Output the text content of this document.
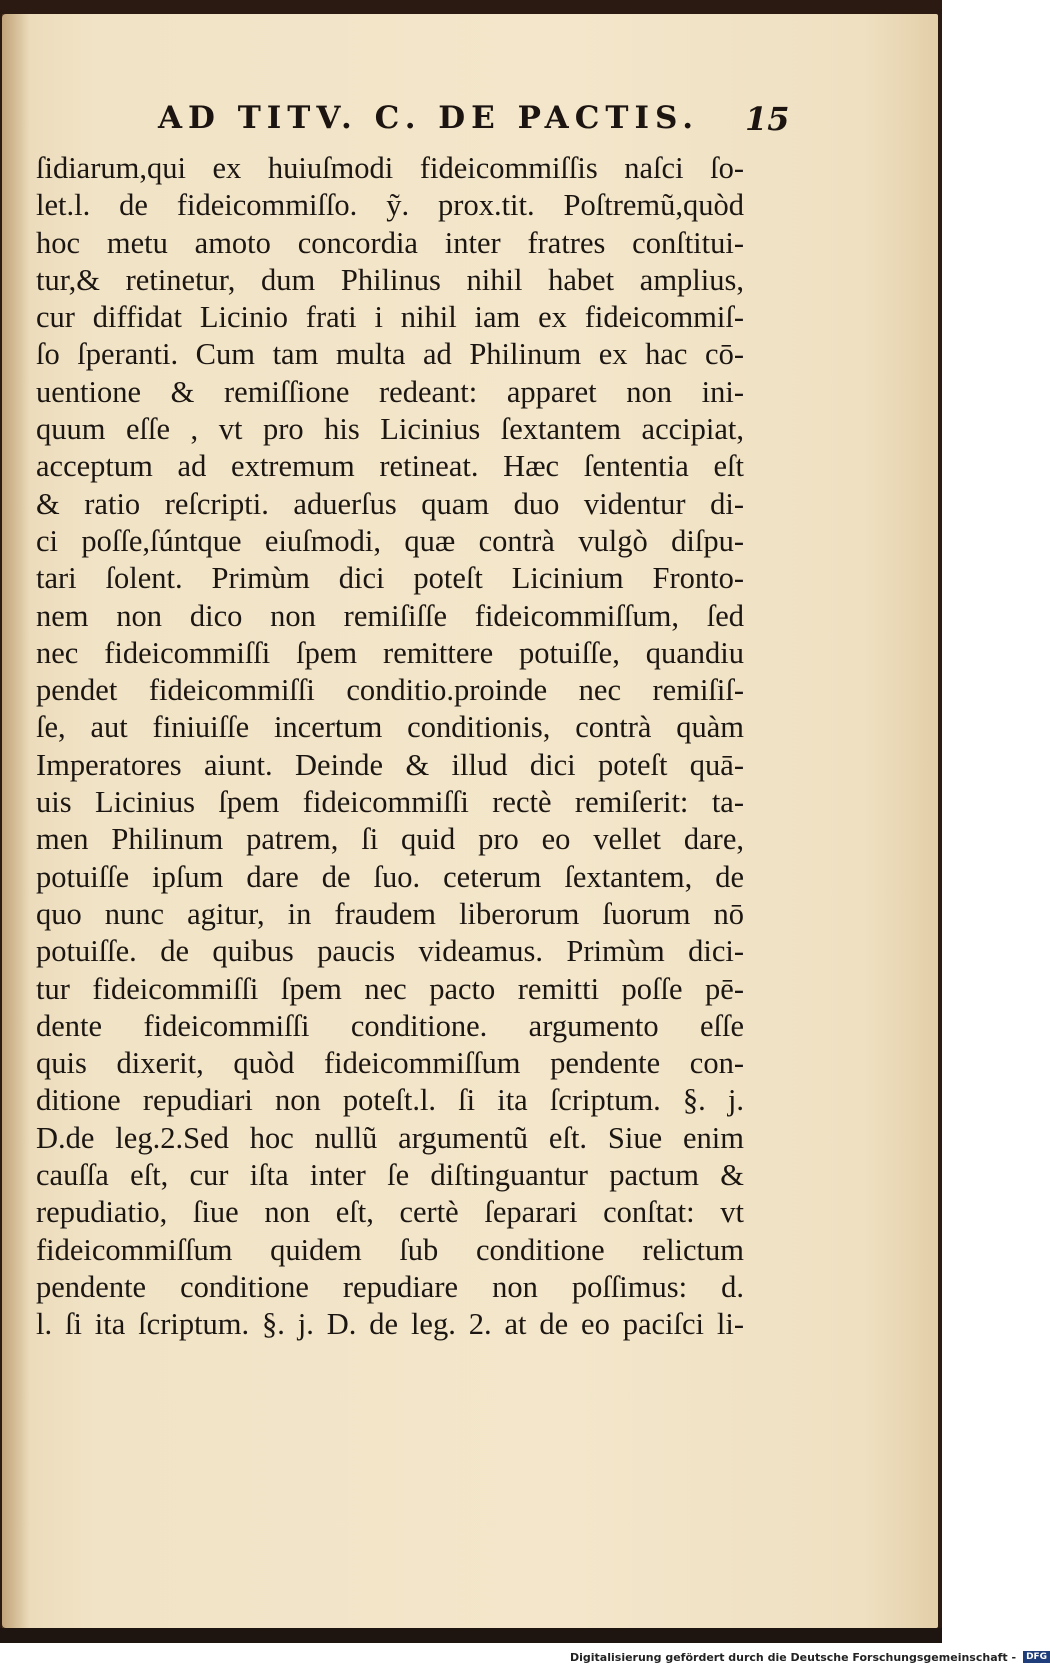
AD TITV. C. DE PACTIS. 15
ſidiarum,qui ex huiuſmodi fideicommiſſis naſci ſo-
let.l. de fideicommiſſo. ỹ. prox.tit. Poſtremũ,quòd
hoc metu amoto concordia inter fratres conſtitui-
tur,& retinetur, dum Philinus nihil habet amplius,
cur diffidat Licinio frati i nihil iam ex fideicommiſ-
ſo ſperanti. Cum tam multa ad Philinum ex hac cō-
uentione & remiſſione redeant: apparet non ini-
quum eſſe , vt pro his Licinius ſextantem accipiat,
acceptum ad extremum retineat. Hæc ſententia eſt
& ratio reſcripti. aduerſus quam duo videntur di-
ci poſſe,ſúntque eiuſmodi, quæ contrà vulgò diſpu-
tari ſolent. Primùm dici poteſt Licinium Fronto-
nem non dico non remiſiſſe fideicommiſſum, ſed
nec fideicommiſſi ſpem remittere potuiſſe, quandiu
pendet fideicommiſſi conditio.proinde nec remiſiſ-
ſe, aut finiuiſſe incertum conditionis, contrà quàm
Imperatores aiunt. Deinde & illud dici poteſt quā-
uis Licinius ſpem fideicommiſſi rectè remiſerit: ta-
men Philinum patrem, ſi quid pro eo vellet dare,
potuiſſe ipſum dare de ſuo. ceterum ſextantem, de
quo nunc agitur, in fraudem liberorum ſuorum nō
potuiſſe. de quibus paucis videamus. Primùm dici-
tur fideicommiſſi ſpem nec pacto remitti poſſe pē-
dente fideicommiſſi conditione. argumento eſſe
quis dixerit, quòd fideicommiſſum pendente con-
ditione repudiari non poteſt.l. ſi ita ſcriptum. §. j.
D.de leg.2.Sed hoc nullũ argumentũ eſt. Siue enim
cauſſa eſt, cur iſta inter ſe diſtinguantur pactum &
repudiatio, ſiue non eſt, certè ſeparari conſtat: vt
fideicommiſſum quidem ſub conditione relictum
pendente conditione repudiare non poſſimus: d.
l. ſi ita ſcriptum. §. j. D. de leg. 2. at de eo paciſci li-
Digitalisierung gefördert durch die Deutsche Forschungsgemeinschaft - DFG
